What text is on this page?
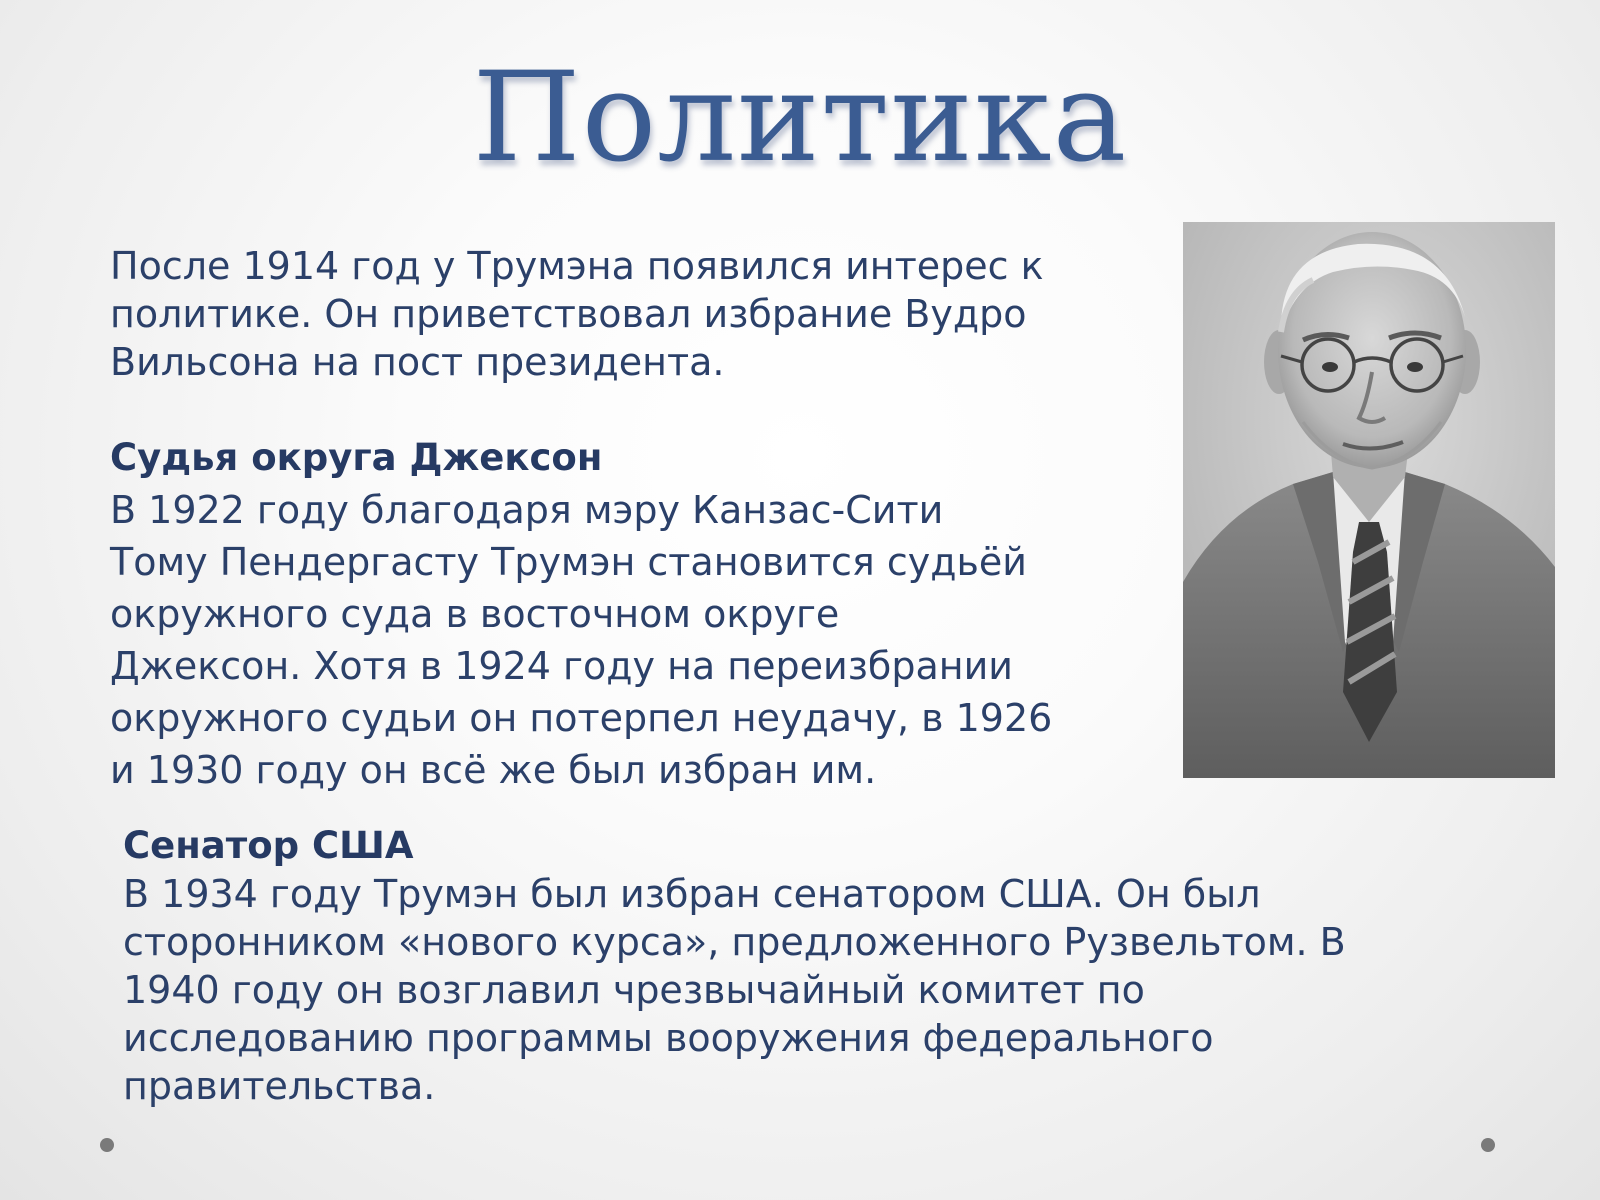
Политика

После 1914 год у Трумэна появился интерес к

политике. Он приветствовал избрание Вудро

Вильсона на пост президента.

Судья округа Джексон

В 1922 году благодаря мэру Канзас-Сити

Тому Пендергасту Трумэн становится судьёй

окружного суда в восточном округе

Джексон. Хотя в 1924 году на переизбрании

окружного судьи он потерпел неудачу, в 1926

и 1930 году он всё же был избран им.

Сенатор США

В 1934 году Трумэн был избран сенатором США. Он был

сторонником «нового курса», предложенного Рузвельтом. В

1940 году он возглавил чрезвычайный комитет по

исследованию программы вооружения федерального

правительства.
